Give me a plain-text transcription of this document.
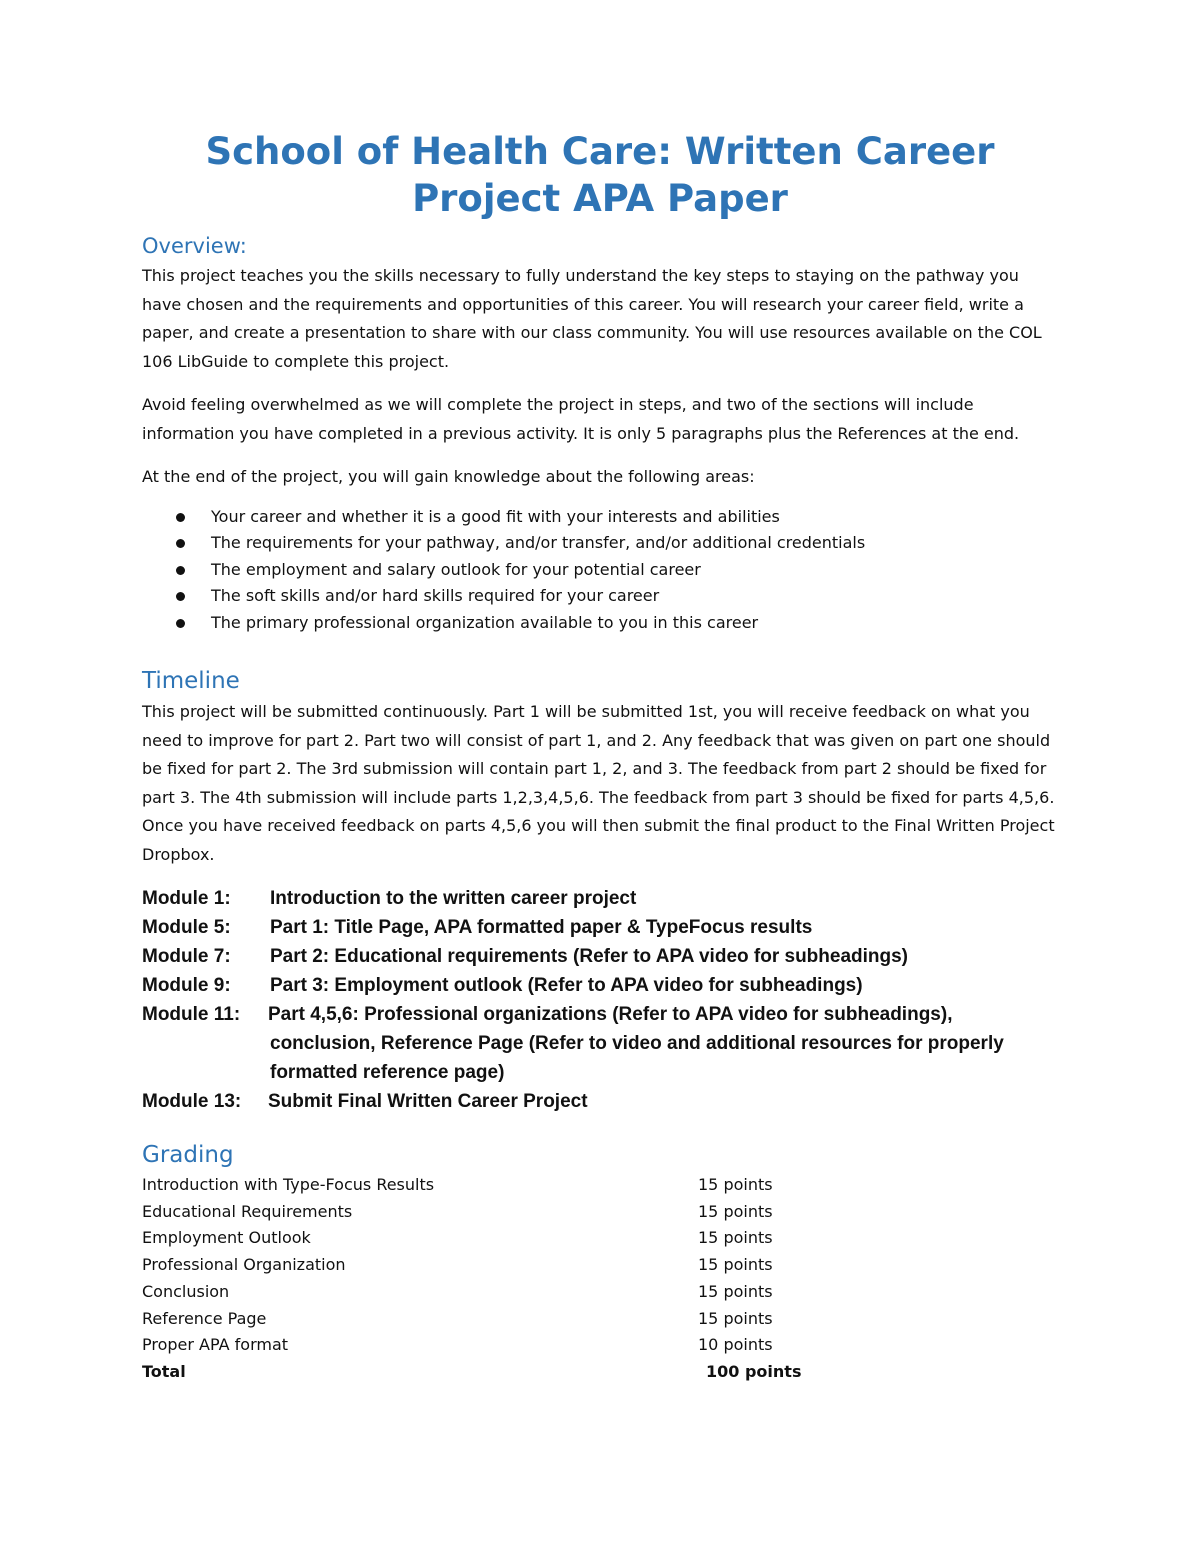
School of Health Care: Written Career Project APA Paper
Overview:

This project teaches you the skills necessary to fully understand the key steps to staying on the pathway you have chosen and the requirements and opportunities of this career. You will research your career field, write a paper, and create a presentation to share with our class community. You will use resources available on the COL 106 LibGuide to complete this project.

Avoid feeling overwhelmed as we will complete the project in steps, and two of the sections will include information you have completed in a previous activity. It is only 5 paragraphs plus the References at the end.

At the end of the project, you will gain knowledge about the following areas:

Your career and whether it is a good fit with your interests and abilities
The requirements for your pathway, and/or transfer, and/or additional credentials
The employment and salary outlook for your potential career
The soft skills and/or hard skills required for your career
The primary professional organization available to you in this career
Timeline

This project will be submitted continuously. Part 1 will be submitted 1st, you will receive feedback on what you need to improve for part 2. Part two will consist of part 1, and 2. Any feedback that was given on part one should be fixed for part 2. The 3rd submission will contain part 1, 2, and 3. The feedback from part 2 should be fixed for part 3. The 4th submission will include parts 1,2,3,4,5,6. The feedback from part 3 should be fixed for parts 4,5,6. Once you have received feedback on parts 4,5,6 you will then submit the final product to the Final Written Project Dropbox.

Module 1:	Introduction to the written career project
Module 5:	Part 1: Title Page, APA formatted paper & TypeFocus results
Module 7:	Part 2: Educational requirements (Refer to APA video for subheadings)
Module 9:	Part 3: Employment outlook (Refer to APA video for subheadings)
Module 11:	Part 4,5,6: Professional organizations (Refer to APA video for subheadings),
conclusion, Reference Page (Refer to video and additional resources for properly
formatted reference page)
Module 13:	Submit Final Written Career Project
Grading
Introduction with Type-Focus Results	15 points
Educational Requirements	15 points
Employment Outlook	15 points
Professional Organization	15 points
Conclusion	15 points
Reference Page	15 points
Proper APA format	10 points
Total	100 points
